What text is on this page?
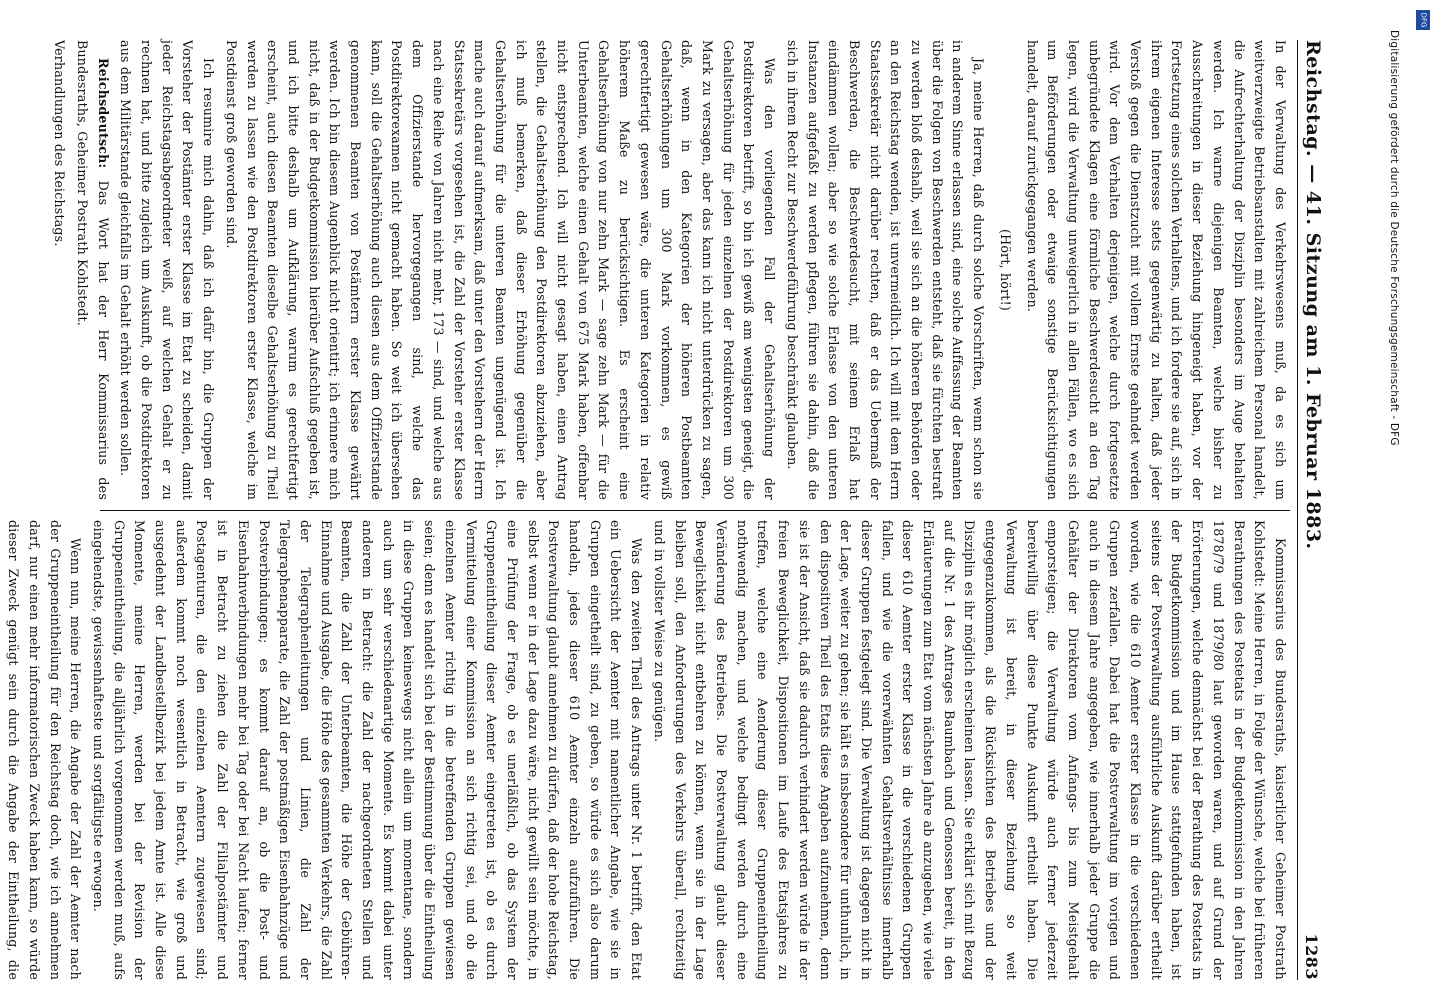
Reichstag. — 41. Sitzung am 1. Februar 1883.
1283

In der Verwaltung des Verkehrswesens muß, da es sich um weitverzweigte Betriebsanstalten mit zahlreichem Personal handelt, die Aufrechterhaltung der Disziplin besonders im Auge behalten werden. Ich warne diejenigen Beamten, welche bisher zu Ausschreitungen in dieser Beziehung hingeneigt haben, vor der Fortsetzung eines solchen Verhaltens, und ich fordere sie auf, sich in ihrem eigenen Interesse stets gegenwärtig zu halten, daß jeder Verstoß gegen die Dienstzucht mit vollem Ernste geahndet werden wird. Vor dem Verhalten derjenigen, welche durch fortgesetzte unbegründete Klagen eine förmliche Beschwerdesucht an den Tag legen, wird die Verwaltung unweigerlich in allen Fällen, wo es sich um Beförderungen oder etwaige sonstige Berücksichtigungen handelt, darauf zurückgegangen werden.

(Hört, hört!)

Ja, meine Herren, daß durch solche Vorschriften, wenn schon sie in anderem Sinne erlassen sind, eine solche Auffassung der Beamten über die Folgen von Beschwerden entsteht, daß sie fürchten bestraft zu werden bloß deshalb, weil sie sich an die höheren Behörden oder an den Reichstag wenden, ist unvermeidlich. Ich will mit dem Herrn Staatssekretär nicht darüber rechten, daß er das Uebermaß der Beschwerden, die Beschwerdesucht, mit seinem Erlaß hat eindämmen wollen; aber so wie solche Erlasse von den unteren Instanzen aufgefaßt zu werden pflegen, führen sie dahin, daß die sich in ihrem Recht zur Beschwerdeführung beschränkt glauben.

Was den vorliegenden Fall der Gehaltserhöhung der Postdirektoren betrifft, so bin ich gewiß am wenigsten geneigt, die Gehaltserhöhung für jeden einzelnen der Postdirektoren um 300 Mark zu versagen, aber das kann ich nicht unterdrücken zu sagen, daß, wenn in den Kategorien der höheren Postbeamten Gehaltserhöhungen um 300 Mark vorkommen, es gewiß gerechtfertigt gewesen wäre, die unteren Kategorien in relativ höherem Maße zu berücksichtigen. Es erscheint eine Gehaltserhöhung von nur zehn Mark — sage zehn Mark — für die Unterbeamten, welche einen Gehalt von 675 Mark haben, offenbar nicht entsprechend. Ich will nicht gesagt haben, einen Antrag stellen, die Gehaltserhöhung den Postdirektoren abzuziehen, aber ich muß bemerken, daß dieser Erhöhung gegenüber die Gehaltserhöhung für die unteren Beamten ungenügend ist. Ich mache auch darauf aufmerksam, daß unter den Vorstehern der Herrn Statssekretärs vorgesehen ist, die Zahl der Vorsteher erster Klasse nach eine Reihe von Jahren nicht mehr, 173 — sind, und welche aus dem Offizierstande hervorgegangen sind, welche das Postdirektorexamen nicht gemacht haben. So weit ich übersehen kann, soll die Gehaltserhöhung auch diesen aus dem Offizierstande genommenen Beamten von Postämtern erster Klasse gewährt werden. Ich bin diesem Augenblick nicht orientirt; ich erinnere mich nicht, daß in der Budgetkommission hierüber Aufschluß gegeben ist, und ich bitte deshalb um Aufklärung, warum es gerechtfertigt erscheint, auch diesen Beamten dieselbe Gehaltserhöhung zu Theil werden zu lassen wie den Postdirektoren erster Klasse, welche im Postdienst groß geworden sind.

Ich resumire mich dahin, daß ich dafür bin, die Gruppen der Vorsteher der Postämter erster Klasse im Etat zu scheiden, damit jeder Reichstagsabgeordneter weiß, auf welchen Gehalt er zu rechnen hat, und bitte zugleich um Auskunft, ob die Postdirektoren aus dem Militärstande gleichfalls im Gehalt erhöht werden sollen.

Reichsdeutsch: Das Wort hat der Herr Kommissarius des Bundesraths, Geheimer Postrath Kohlstedt.

Verhandlungen des Reichstags.

Kommissarius des Bundesraths, kaiserlicher Geheimer Postrath Kohlstedt: Meine Herren, in Folge der Wünsche, welche bei früheren Berathungen des Postetats in der Budgetkommission in den Jahren 1878/79 und 1879/80 laut geworden waren, und auf Grund der Erörterungen, welche demnächst bei der Berathung des Postetats in der Budgetkommission und im Hause stattgefunden haben, ist seitens der Postverwaltung ausführliche Auskunft darüber ertheilt worden, wie die 610 Aemter erster Klasse in die verschiedenen Gruppen zerfallen. Dabei hat die Postverwaltung im vorigen und auch in diesem Jahre angegeben, wie innerhalb jeder Gruppe die Gehälter der Direktoren vom Anfangs- bis zum Meistgehalt emporsteigen; die Verwaltung würde auch ferner jederzeit bereitwillig über diese Punkte Auskunft ertheilt haben. Die Verwaltung ist bereit, in dieser Beziehung so weit entgegenzukommen, als die Rücksichten des Betriebes und der Disziplin es ihr möglich erscheinen lassen. Sie erklärt sich mit Bezug auf die Nr. 1 des Antrages Baumbach und Genossen bereit, in den Erläuterungen zum Etat vom nächsten Jahre ab anzugeben, wie viele dieser 610 Aemter erster Klasse in die verschiedenen Gruppen fallen, und wie die vorerwähnten Gehaltsverhältnisse innerhalb dieser Gruppen festgelegt sind. Die Verwaltung ist dagegen nicht in der Lage, weiter zu gehen; sie hält es insbesondere für unthunlich, in den dispositiven Theil des Etats diese Angaben aufzunehmen, denn sie ist der Ansicht, daß sie dadurch verhindert werden würde in der freien Beweglichkeit, Dispositionen im Laufe des Etatsjahres zu treffen, welche eine Aenderung dieser Gruppeneintheilung nothwendig machen, und welche bedingt werden durch eine Veränderung des Betriebes. Die Postverwaltung glaubt dieser Beweglichkeit nicht entbehren zu können, wenn sie in der Lage bleiben soll, den Anforderungen des Verkehrs überall, rechtzeitig und in vollster Weise zu genügen.

Was den zweiten Theil des Antrags unter Nr. 1 betrifft, den Etat ein Uebersicht der Aemter mit namentlicher Angabe, wie sie in Gruppen eingetheilt sind, zu geben, so würde es sich also darum handeln, jedes dieser 610 Aemter einzeln aufzuführen. Die Postverwaltung glaubt annehmen zu dürfen, daß der hohe Reichstag, selbst wenn er in der Lage dazu wäre, nicht gewillt sein möchte, in eine Prüfung der Frage, ob es unerläßlich, ob das System der Gruppeneintheilung dieser Aemter eingetreten ist, ob es durch Vermittelung einer Kommission an sich richtig sei, und ob die einzelnen Aemter richtig in die betreffenden Gruppen gewiesen seien; denn es handelt sich bei der Bestimmung über die Eintheilung in diese Gruppen keineswegs nicht allein um momentane, sondern auch um sehr verschiedenartige Momente. Es kommt dabei unter anderem in Betracht: die Zahl der nachgeordneten Stellen und Beamten, die Zahl der Unterbeamten, die Höhe der Gebühren-Einnahme und Ausgabe, die Höhe des gesammten Verkehrs, die Zahl der Telegraphenleitungen und Linien, die Zahl der Telegraphenapparate, die Zahl der postmäßigen Eisenbahnzüge und Postverbindungen; es kommt darauf an, ob die Post- und Eisenbahnverbindungen mehr bei Tag oder bei Nacht laufen; ferner ist in Betracht zu ziehen die Zahl der Filialpostämter und Postagenturen, die den einzelnen Aemtern zugewiesen sind; außerdem kommt noch wesentlich in Betracht, wie groß und ausgedehnt der Landbestellbezirk bei jedem Amte ist. Alle diese Momente, meine Herren, werden bei der Revision der Gruppeneintheilung, die alljährlich vorgenommen werden muß, aufs eingehendste, gewissenhafteste und sorgfältigste erwogen.

Wenn nun, meine Herren, die Angabe der Zahl der Aemter nach der Gruppeneintheilung für den Reichstag doch, wie ich annehmen darf, nur einen mehr informatorischen Zweck haben kann, so würde dieser Zweck genügt sein durch die Angabe der Eintheilung, die

Digitalisierung gefördert durch die Deutsche Forschungsgemeinschaft - DFG
DFG
